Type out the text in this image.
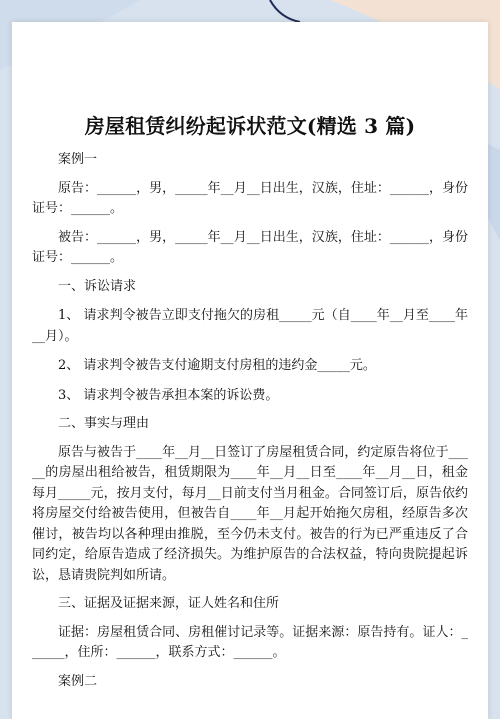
房屋租赁纠纷起诉状范文(精选 3 篇)
案例一
原告：______，男，_____年__月__日出生，汉族，住址：______，身份证号：______。
被告：______，男，_____年__月__日出生，汉族，住址：______，身份证号：______。
一、诉讼请求
1、 请求判令被告立即支付拖欠的房租_____元（自____年__月至____年__月）。
2、 请求判令被告支付逾期支付房租的违约金_____元。
3、 请求判令被告承担本案的诉讼费。
二、事实与理由
原告与被告于____年__月__日签订了房屋租赁合同，约定原告将位于_____的房屋出租给被告，租赁期限为____年__月__日至____年__月__日，租金每月_____元，按月支付，每月__日前支付当月租金。合同签订后，原告依约将房屋交付给被告使用，但被告自____年__月起开始拖欠房租，经原告多次催讨，被告均以各种理由推脱，至今仍未支付。被告的行为已严重违反了合同约定，给原告造成了经济损失。为维护原告的合法权益，特向贵院提起诉讼，恳请贵院判如所请。
三、证据及证据来源，证人姓名和住所
证据：房屋租赁合同、房租催讨记录等。证据来源：原告持有。证人：______，住所：______，联系方式：______。
案例二
